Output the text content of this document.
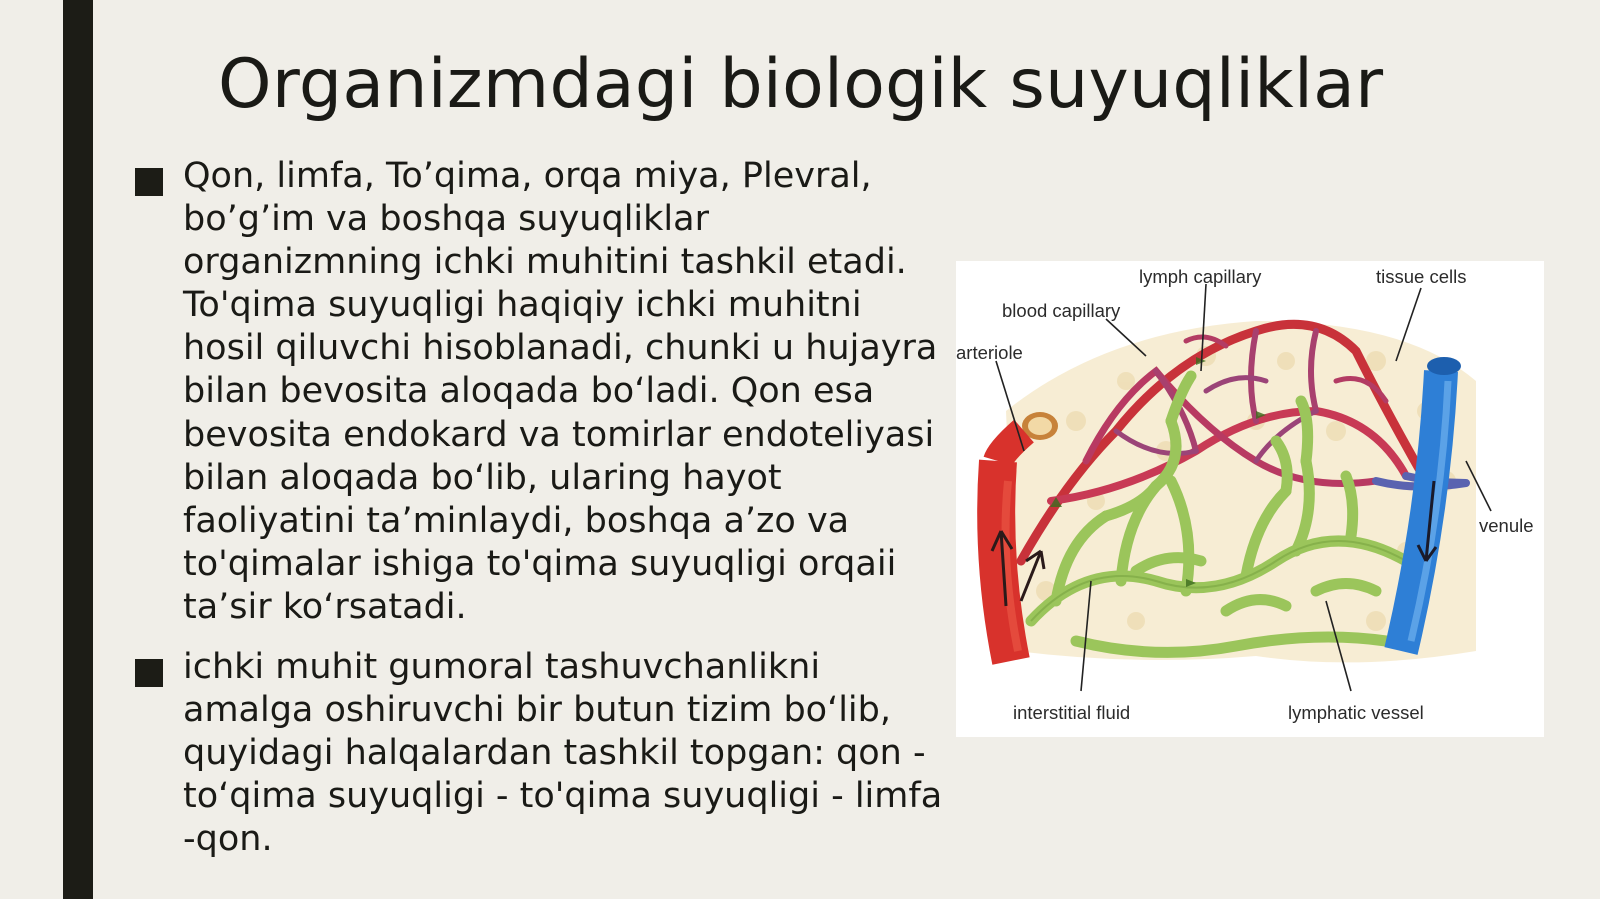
Organizmdagi biologik suyuqliklar
Qon, limfa, To’qima, orqa miya, Plevral, bo’g’im va boshqa suyuqliklar organizmning ichki muhitini tashkil etadi. To'qima suyuqligi haqiqiy ichki muhitni hosil qiluvchi hisoblanadi, chunki u hujayra bilan bevosita aloqada bo‘ladi. Qon esa bevosita endokard va tomirlar endoteliyasi bilan aloqada bo‘lib, ularing hayot faoliyatini ta’minlaydi, boshqa a’zo va to'qimalar ishiga to'qima suyuqligi orqaii ta’sir ko‘rsatadi.
ichki muhit gumoral tashuvchanlikni amalga oshiruvchi bir butun tizim bo‘lib, quyidagi halqalardan tashkil topgan: qon - to‘qima suyuqligi - to'qima suyuqligi - limfa -qon.
lymph capillary	tissue cells
blood capillary
arteriole
venule
interstitial fluid	lymphatic vessel
